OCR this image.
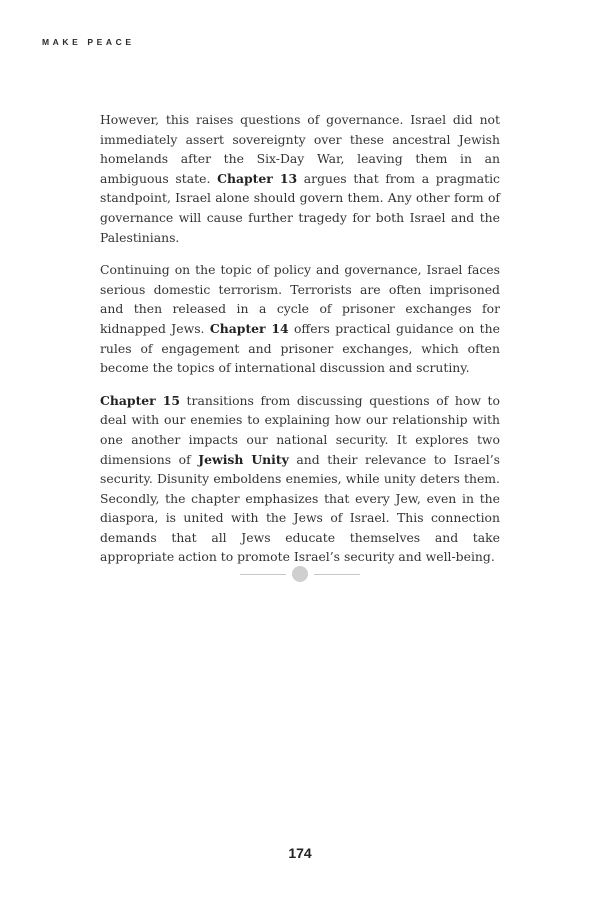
MAKE PEACE

However, this raises questions of governance. Israel did not immediately assert sovereignty over these ancestral Jewish homelands after the Six-Day War, leaving them in an ambiguous state. Chapter 13 argues that from a pragmatic standpoint, Israel alone should govern them. Any other form of governance will cause further tragedy for both Israel and the Palestinians.

Continuing on the topic of policy and governance, Israel faces serious domestic terrorism. Terrorists are often imprisoned and then released in a cycle of prisoner exchanges for kidnapped Jews. Chapter 14 offers practical guidance on the rules of engagement and prisoner exchanges, which often become the topics of international discussion and scrutiny.

Chapter 15 transitions from discussing questions of how to deal with our enemies to explaining how our relationship with one another impacts our national security. It explores two dimensions of Jewish Unity and their relevance to Israel’s security. Disunity emboldens enemies, while unity deters them. Secondly, the chapter emphasizes that every Jew, even in the diaspora, is united with the Jews of Israel. This connection demands that all Jews educate themselves and take appropriate action to promote Israel’s security and well-being.

174
